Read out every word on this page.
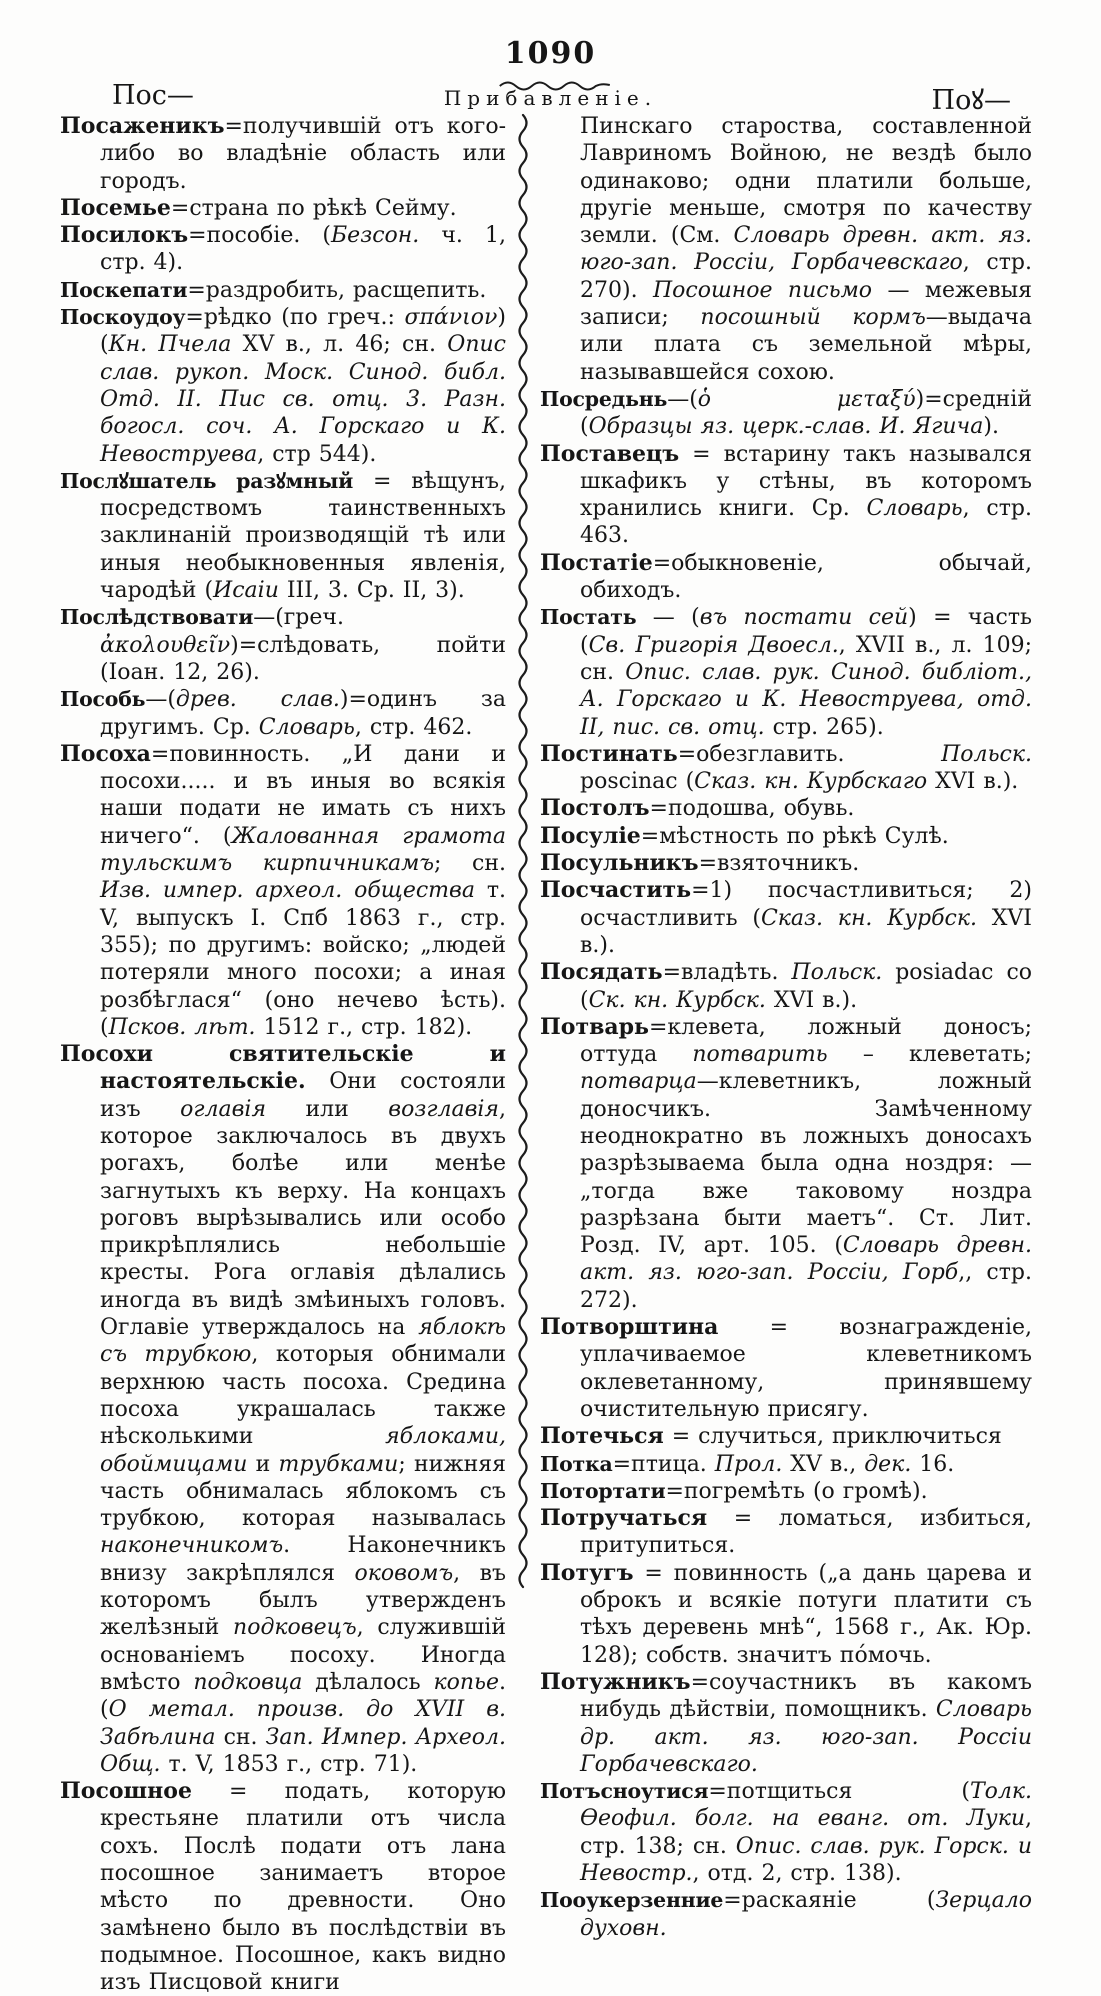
1090
Пос—	Прибавленіе.	Поꙋ—

Посаженикъ=получившій отъ кого-либо во владѣніе область или городъ.

Посемье=страна по рѣкѣ Сейму.

Посилокъ=пособіе. (Безсон. ч. 1, стр. 4).

Поскепати=раздробить, расщепить.

Поскоудоу=рѣдко (по греч.: σπάνιον) (Кн. Пчела XV в., л. 46; сн. Опис слав. рукоп. Моск. Синод. библ. Отд. II. Пис св. отц. 3. Разн. богосл. соч. А. Горскаго и К. Невоструева, стр 544).

Послꙋшатель разꙋмный = вѣщунъ, посредствомъ таинственныхъ заклинаній производящій тѣ или иныя необыкновенныя явленія, чародѣй (Исаіи III, 3. Ср. II, 3).

Послѣдствовати—(греч. ἀκολουθεῖν)=слѣдовать, пойти (Іоан. 12, 26).

Пособь—(древ. слав.)=одинъ за другимъ. Ср. Словарь, стр. 462.

Посоха=повинность. „И дани и посохи..... и въ иныя во всякія наши подати не имать съ нихъ ничего“. (Жалованная грамота тульскимъ кирпичникамъ; сн. Изв. импер. археол. общества т. V, выпускъ I. Спб 1863 г., стр. 355); по другимъ: войско; „людей потеряли много посохи; а иная розбѣглася“ (оно нечево ѣсть). (Псков. лѣт. 1512 г., стр. 182).

Посохи святительскіе и настоятельскіе. Они состояли изъ оглавія или возглавія, которое заключалось въ двухъ рогахъ, болѣе или менѣе загнутыхъ къ верху. На концахъ роговъ вырѣзывались или особо прикрѣплялись небольшіе кресты. Рога оглавія дѣлались иногда въ видѣ змѣиныхъ головъ. Оглавіе утверждалось на яблокѣ съ трубкою, которыя обнимали верхнюю часть посоха. Средина посоха украшалась также нѣсколькими яблоками, обоймицами и трубками; нижняя часть обнималась яблокомъ съ трубкою, которая называлась наконечникомъ. Наконечникъ внизу закрѣплялся оковомъ, въ которомъ былъ утвержденъ желѣзный подковецъ, служившій основаніемъ посоху. Иногда вмѣсто подковца дѣлалось копье. (О метал. произв. до XVII в. Забѣлина сн. Зап. Импер. Археол. Общ. т. V, 1853 г., стр. 71).

Посошное = подать, которую крестьяне платили отъ числа сохъ. Послѣ подати отъ лана посошное занимаетъ второе мѣсто по древности. Оно замѣнено было въ послѣдствіи въ подымное. Посошное, какъ видно изъ Писцовой книги

Пинскаго староства, составленной Лавриномъ Войною, не вездѣ было одинаково; одни платили больше, другіе меньше, смотря по качеству земли. (См. Словарь древн. акт. яз. юго-зап. Россіи, Горбачевскаго, стр. 270). Посошное письмо — межевыя записи; посошный кормъ—выдача или плата съ земельной мѣры, называвшейся сохою.

Посредьнь—(ὁ μεταξύ)=средній (Образцы яз. церк.-слав. И. Ягича).

Поставецъ = встарину такъ назывался шкафикъ у стѣны, въ которомъ хранились книги. Ср. Словарь, стр. 463.

Постатіе=обыкновеніе, обычай, обиходъ.

Постать — (въ постати сей) = часть (Св. Григорія Двоесл., XVII в., л. 109; сн. Опис. слав. рук. Синод. библіот., А. Горскаго и К. Невоструева, отд. II, пис. св. отц. стр. 265).

Постинать=обезглавить. Польск. poscinac (Сказ. кн. Курбскаго XVI в.).

Постолъ=подошва, обувь.

Посуліе=мѣстность по рѣкѣ Сулѣ.

Посульникъ=взяточникъ.

Посчастить=1) посчастливиться; 2) осчастливить (Сказ. кн. Курбск. XVI в.).

Посядать=владѣть. Польск. posiadac co (Ск. кн. Курбск. XVI в.).

Потварь=клевета, ложный доносъ; оттуда потварить – клеветать; потварца—клеветникъ, ложный доносчикъ. Замѣченному неоднократно въ ложныхъ доносахъ разрѣзываема была одна ноздря: —„тогда вже таковому ноздра разрѣзана быти маетъ“. Ст. Лит. Розд. IV, арт. 105. (Словарь древн. акт. яз. юго-зап. Россіи, Горб,, стр. 272).

Потворштина = вознагражденіе, уплачиваемое клеветникомъ оклеветанному, принявшему очистительную присягу.

Потечься = случиться, приключиться

Потка=птица. Прол. XV в., дек. 16.

Потортати=погремѣть (о громѣ).

Потручаться = ломаться, избиться, притупиться.

Потугъ = повинность („а дань царева и оброкъ и всякіе потуги платити съ тѣхъ деревень мнѣ“, 1568 г., Ак. Юр. 128); собств. значитъ по́мочь.

Потужникъ=соучастникъ въ какомъ нибудь дѣйствіи, помощникъ. Словарь др. акт. яз. юго-зап. Россіи Горбачевскаго.

Потъсноутися=потщиться (Толк. Ѳеофил. болг. на еванг. от. Луки, стр. 138; сн. Опис. слав. рук. Горск. и Невостр., отд. 2, стр. 138).

Пооукерзенние=раскаяніе (Зерцало духовн.
